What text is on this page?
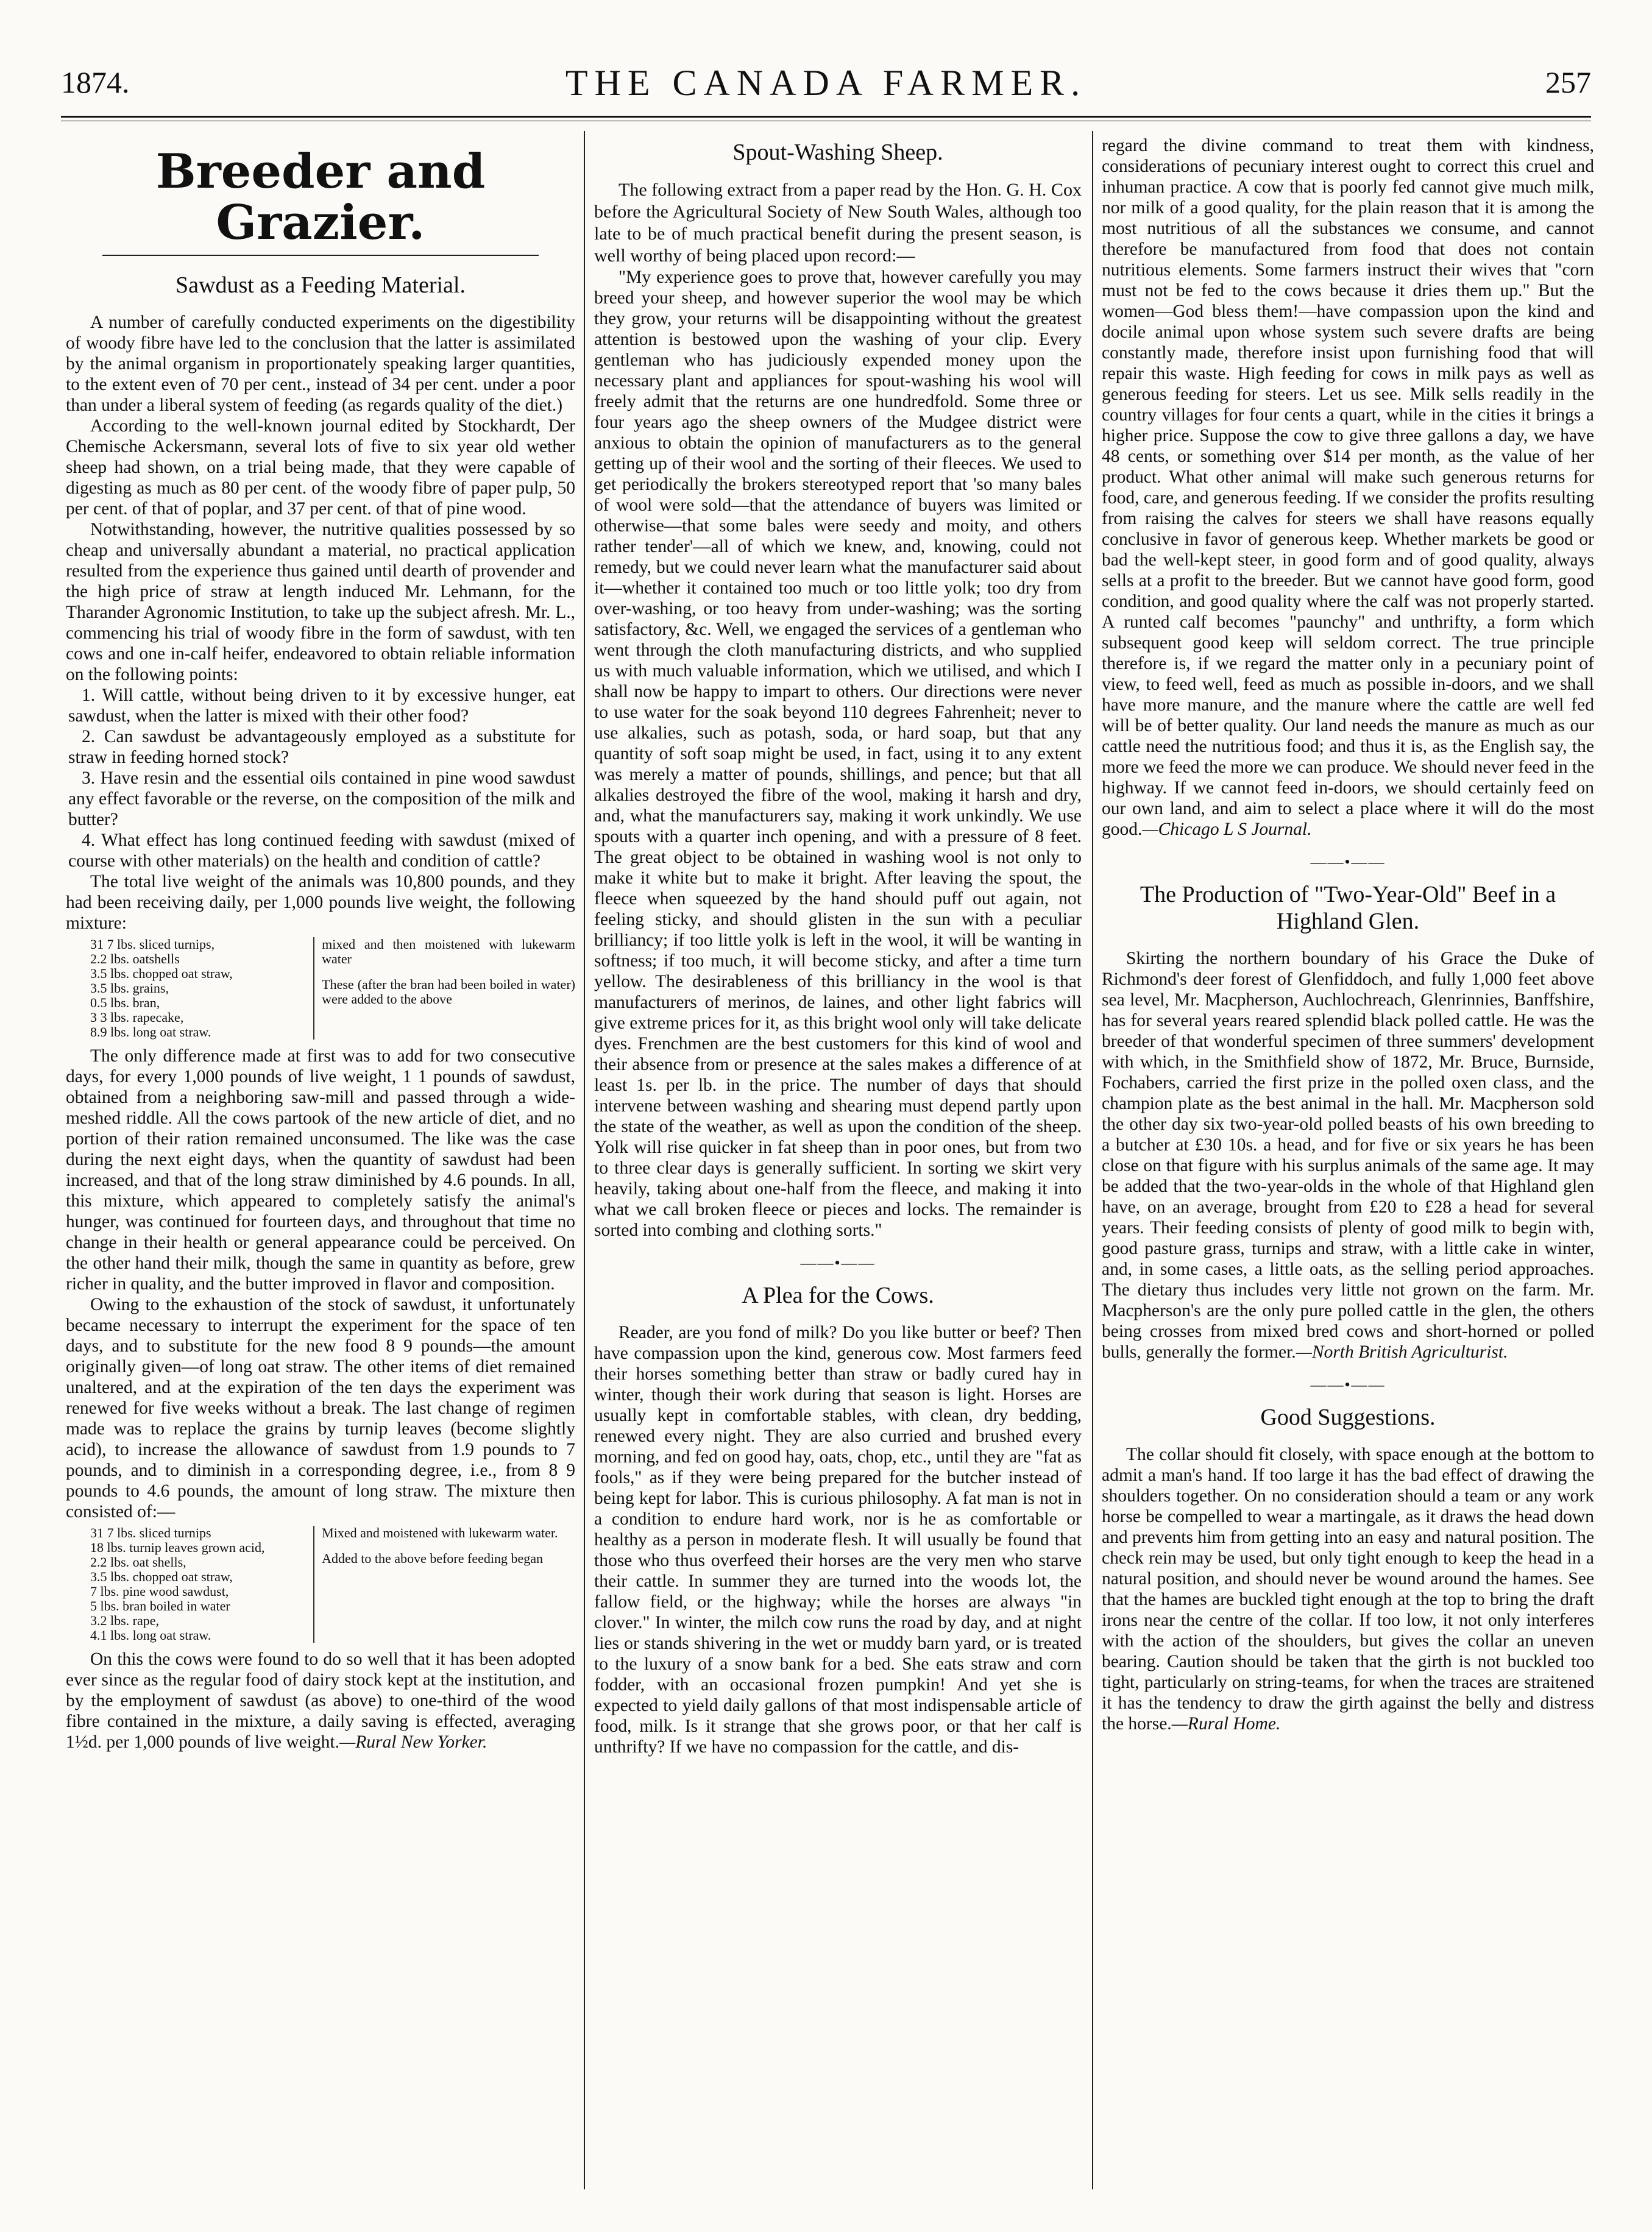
1874.	THE CANADA FARMER.	257
Breeder and Grazier.
Sawdust as a Feeding Material.

A number of carefully conducted experiments on the digestibility of woody fibre have led to the conclusion that the latter is assimilated by the animal organism in proportionately speaking larger quantities, to the extent even of 70 per cent., instead of 34 per cent. under a poor than under a liberal system of feeding (as regards quality of the diet.)

According to the well-known journal edited by Stockhardt, Der Chemische Ackersmann, several lots of five to six year old wether sheep had shown, on a trial being made, that they were capable of digesting as much as 80 per cent. of the woody fibre of paper pulp, 50 per cent. of that of poplar, and 37 per cent. of that of pine wood.

Notwithstanding, however, the nutritive qualities possessed by so cheap and universally abundant a material, no practical application resulted from the experience thus gained until dearth of provender and the high price of straw at length induced Mr. Lehmann, for the Tharander Agronomic Institution, to take up the subject afresh. Mr. L., commencing his trial of woody fibre in the form of sawdust, with ten cows and one in-calf heifer, endeavored to obtain reliable information on the following points:

1. Will cattle, without being driven to it by excessive hunger, eat sawdust, when the latter is mixed with their other food?

2. Can sawdust be advantageously employed as a substitute for straw in feeding horned stock?

3. Have resin and the essential oils contained in pine wood sawdust any effect favorable or the reverse, on the composition of the milk and butter?

4. What effect has long continued feeding with sawdust (mixed of course with other materials) on the health and condition of cattle?

The total live weight of the animals was 10,800 pounds, and they had been receiving daily, per 1,000 pounds live weight, the following mixture:

31 7 lbs. sliced turnips,
2.2 lbs. oatshells
3.5 lbs. chopped oat straw,
3.5 lbs. grains,
0.5 lbs. bran,
3 3 lbs. rapecake,
8.9 lbs. long oat straw.
mixed and then moistened with lukewarm water
These (after the bran had been boiled in water) were added to the above

The only difference made at first was to add for two consecutive days, for every 1,000 pounds of live weight, 1 1 pounds of sawdust, obtained from a neighboring saw-mill and passed through a wide-meshed riddle. All the cows partook of the new article of diet, and no portion of their ration remained unconsumed. The like was the case during the next eight days, when the quantity of sawdust had been increased, and that of the long straw diminished by 4.6 pounds. In all, this mixture, which appeared to completely satisfy the animal's hunger, was continued for fourteen days, and throughout that time no change in their health or general appearance could be perceived. On the other hand their milk, though the same in quantity as before, grew richer in quality, and the butter improved in flavor and composition.

Owing to the exhaustion of the stock of sawdust, it unfortunately became necessary to interrupt the experiment for the space of ten days, and to substitute for the new food 8 9 pounds—the amount originally given—of long oat straw. The other items of diet remained unaltered, and at the expiration of the ten days the experiment was renewed for five weeks without a break. The last change of regimen made was to replace the grains by turnip leaves (become slightly acid), to increase the allowance of sawdust from 1.9 pounds to 7 pounds, and to diminish in a corresponding degree, i.e., from 8 9 pounds to 4.6 pounds, the amount of long straw. The mixture then consisted of:—

31 7 lbs. sliced turnips
18 lbs. turnip leaves grown acid,
2.2 lbs. oat shells,
3.5 lbs. chopped oat straw,
7 lbs. pine wood sawdust,
5 lbs. bran boiled in water
3.2 lbs. rape,
4.1 lbs. long oat straw.
Mixed and moistened with lukewarm water.
Added to the above before feeding began

On this the cows were found to do so well that it has been adopted ever since as the regular food of dairy stock kept at the institution, and by the employment of sawdust (as above) to one-third of the wood fibre contained in the mixture, a daily saving is effected, averaging 1½d. per 1,000 pounds of live weight.—Rural New Yorker.

Spout-Washing Sheep.

The following extract from a paper read by the Hon. G. H. Cox before the Agricultural Society of New South Wales, although too late to be of much practical benefit during the present season, is well worthy of being placed upon record:—

"My experience goes to prove that, however carefully you may breed your sheep, and however superior the wool may be which they grow, your returns will be disappointing without the greatest attention is bestowed upon the washing of your clip. Every gentleman who has judiciously expended money upon the necessary plant and appliances for spout-washing his wool will freely admit that the returns are one hundredfold. Some three or four years ago the sheep owners of the Mudgee district were anxious to obtain the opinion of manufacturers as to the general getting up of their wool and the sorting of their fleeces. We used to get periodically the brokers stereotyped report that 'so many bales of wool were sold—that the attendance of buyers was limited or otherwise—that some bales were seedy and moity, and others rather tender'—all of which we knew, and, knowing, could not remedy, but we could never learn what the manufacturer said about it—whether it contained too much or too little yolk; too dry from over-washing, or too heavy from under-washing; was the sorting satisfactory, &c. Well, we engaged the services of a gentleman who went through the cloth manufacturing districts, and who supplied us with much valuable information, which we utilised, and which I shall now be happy to impart to others. Our directions were never to use water for the soak beyond 110 degrees Fahrenheit; never to use alkalies, such as potash, soda, or hard soap, but that any quantity of soft soap might be used, in fact, using it to any extent was merely a matter of pounds, shillings, and pence; but that all alkalies destroyed the fibre of the wool, making it harsh and dry, and, what the manufacturers say, making it work unkindly. We use spouts with a quarter inch opening, and with a pressure of 8 feet. The great object to be obtained in washing wool is not only to make it white but to make it bright. After leaving the spout, the fleece when squeezed by the hand should puff out again, not feeling sticky, and should glisten in the sun with a peculiar brilliancy; if too little yolk is left in the wool, it will be wanting in softness; if too much, it will become sticky, and after a time turn yellow. The desirableness of this brilliancy in the wool is that manufacturers of merinos, de laines, and other light fabrics will give extreme prices for it, as this bright wool only will take delicate dyes. Frenchmen are the best customers for this kind of wool and their absence from or presence at the sales makes a difference of at least 1s. per lb. in the price. The number of days that should intervene between washing and shearing must depend partly upon the state of the weather, as well as upon the condition of the sheep. Yolk will rise quicker in fat sheep than in poor ones, but from two to three clear days is generally sufficient. In sorting we skirt very heavily, taking about one-half from the fleece, and making it into what we call broken fleece or pieces and locks. The remainder is sorted into combing and clothing sorts."

——•——
A Plea for the Cows.

Reader, are you fond of milk? Do you like butter or beef? Then have compassion upon the kind, generous cow. Most farmers feed their horses something better than straw or badly cured hay in winter, though their work during that season is light. Horses are usually kept in comfortable stables, with clean, dry bedding, renewed every night. They are also curried and brushed every morning, and fed on good hay, oats, chop, etc., until they are "fat as fools," as if they were being prepared for the butcher instead of being kept for labor. This is curious philosophy. A fat man is not in a condition to endure hard work, nor is he as comfortable or healthy as a person in moderate flesh. It will usually be found that those who thus overfeed their horses are the very men who starve their cattle. In summer they are turned into the woods lot, the fallow field, or the highway; while the horses are always "in clover." In winter, the milch cow runs the road by day, and at night lies or stands shivering in the wet or muddy barn yard, or is treated to the luxury of a snow bank for a bed. She eats straw and corn fodder, with an occasional frozen pumpkin! And yet she is expected to yield daily gallons of that most indispensable article of food, milk. Is it strange that she grows poor, or that her calf is unthrifty? If we have no compassion for the cattle, and dis-

regard the divine command to treat them with kindness, considerations of pecuniary interest ought to correct this cruel and inhuman practice. A cow that is poorly fed cannot give much milk, nor milk of a good quality, for the plain reason that it is among the most nutritious of all the substances we consume, and cannot therefore be manufactured from food that does not contain nutritious elements. Some farmers instruct their wives that "corn must not be fed to the cows because it dries them up." But the women—God bless them!—have compassion upon the kind and docile animal upon whose system such severe drafts are being constantly made, therefore insist upon furnishing food that will repair this waste. High feeding for cows in milk pays as well as generous feeding for steers. Let us see. Milk sells readily in the country villages for four cents a quart, while in the cities it brings a higher price. Suppose the cow to give three gallons a day, we have 48 cents, or something over $14 per month, as the value of her product. What other animal will make such generous returns for food, care, and generous feeding. If we consider the profits resulting from raising the calves for steers we shall have reasons equally conclusive in favor of generous keep. Whether markets be good or bad the well-kept steer, in good form and of good quality, always sells at a profit to the breeder. But we cannot have good form, good condition, and good quality where the calf was not properly started. A runted calf becomes "paunchy" and unthrifty, a form which subsequent good keep will seldom correct. The true principle therefore is, if we regard the matter only in a pecuniary point of view, to feed well, feed as much as possible in-doors, and we shall have more manure, and the manure where the cattle are well fed will be of better quality. Our land needs the manure as much as our cattle need the nutritious food; and thus it is, as the English say, the more we feed the more we can produce. We should never feed in the highway. If we cannot feed in-doors, we should certainly feed on our own land, and aim to select a place where it will do the most good.—Chicago L S Journal.

——•——
The Production of "Two-Year-Old" Beef in a Highland Glen.

Skirting the northern boundary of his Grace the Duke of Richmond's deer forest of Glenfiddoch, and fully 1,000 feet above sea level, Mr. Macpherson, Auchlochreach, Glenrinnies, Banffshire, has for several years reared splendid black polled cattle. He was the breeder of that wonderful specimen of three summers' development with which, in the Smithfield show of 1872, Mr. Bruce, Burnside, Fochabers, carried the first prize in the polled oxen class, and the champion plate as the best animal in the hall. Mr. Macpherson sold the other day six two-year-old polled beasts of his own breeding to a butcher at £30 10s. a head, and for five or six years he has been close on that figure with his surplus animals of the same age. It may be added that the two-year-olds in the whole of that Highland glen have, on an average, brought from £20 to £28 a head for several years. Their feeding consists of plenty of good milk to begin with, good pasture grass, turnips and straw, with a little cake in winter, and, in some cases, a little oats, as the selling period approaches. The dietary thus includes very little not grown on the farm. Mr. Macpherson's are the only pure polled cattle in the glen, the others being crosses from mixed bred cows and short-horned or polled bulls, generally the former.—North British Agriculturist.

——•——
Good Suggestions.

The collar should fit closely, with space enough at the bottom to admit a man's hand. If too large it has the bad effect of drawing the shoulders together. On no consideration should a team or any work horse be compelled to wear a martingale, as it draws the head down and prevents him from getting into an easy and natural position. The check rein may be used, but only tight enough to keep the head in a natural position, and should never be wound around the hames. See that the hames are buckled tight enough at the top to bring the draft irons near the centre of the collar. If too low, it not only interferes with the action of the shoulders, but gives the collar an uneven bearing. Caution should be taken that the girth is not buckled too tight, particularly on string-teams, for when the traces are straitened it has the tendency to draw the girth against the belly and distress the horse.—Rural Home.
